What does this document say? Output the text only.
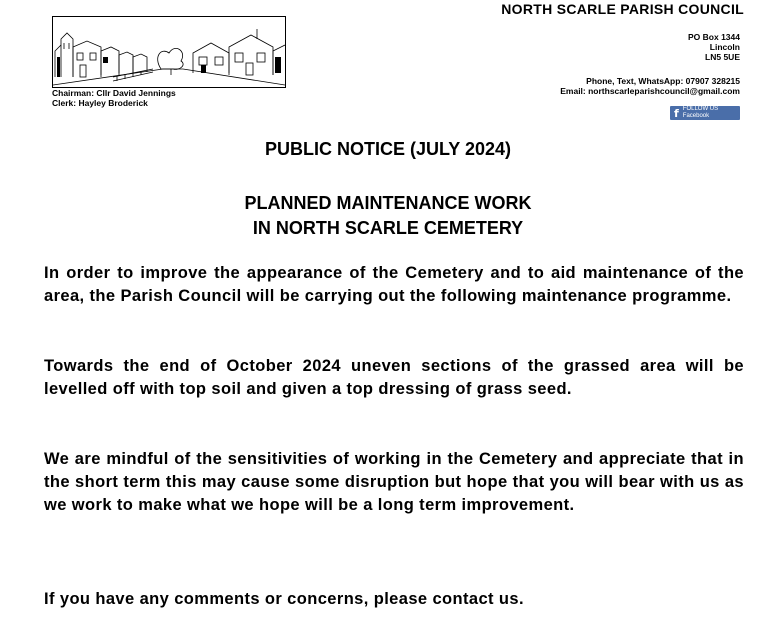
Chairman: Cllr David Jennings
Clerk: Hayley Broderick
NORTH SCARLE PARISH COUNCIL
PO Box 1344
Lincoln
LN5 5UE
Phone, Text, WhatsApp: 07907 328215
Email: northscarleparishcouncil@gmail.com
f FOLLOW US
Facebook
PUBLIC NOTICE (JULY 2024)
PLANNED MAINTENANCE WORK
IN NORTH SCARLE CEMETERY
In order to improve the appearance of the Cemetery and to aid maintenance of the area, the Parish Council will be carrying out the following maintenance programme.
Towards the end of October 2024 uneven sections of the grassed area will be levelled off with top soil and given a top dressing of grass seed.
We are mindful of the sensitivities of working in the Cemetery and appreciate that in the short term this may cause some disruption but hope that you will bear with us as we work to make what we hope will be a long term improvement.
If you have any comments or concerns, please contact us.
